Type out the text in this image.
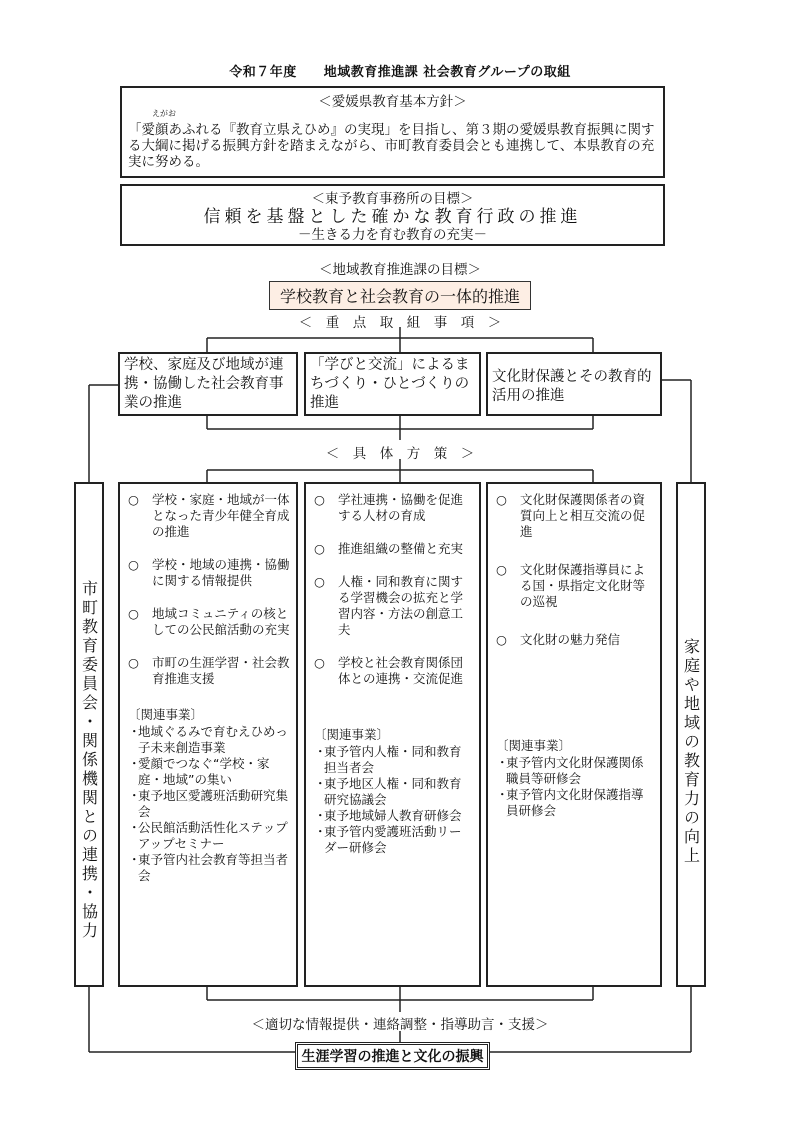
令和７年度　　地域教育推進課 社会教育グループの取組
＜愛媛県教育基本方針＞
えがお
「愛顔あふれる『教育立県えひめ』の実現」を目指し、第３期の愛媛県教育振興に関する大綱に掲げる振興方針を踏まえながら、市町教育委員会とも連携して、本県教育の充実に努める。
＜東予教育事務所の目標＞
信頼を基盤とした確かな教育行政の推進
－生きる力を育む教育の充実－
＜地域教育推進課の目標＞
学校教育と社会教育の一体的推進
＜　重　点　取　組　事　項　＞
学校、家庭及び地域が連携・協働した社会教育事業の推進
「学びと交流」によるまちづくり・ひとづくりの推進
文化財保護とその教育的活用の推進
＜　具　体　方　策　＞
市町教育委員会・関係機関との連携・協力	家庭や地域の教育力の向上
○	学校・家庭・地域が一体となった青少年健全育成の推進
○	学校・地域の連携・協働に関する情報提供
○	地域コミュニティの核としての公民館活動の充実
○	市町の生涯学習・社会教育推進支援
〔関連事業〕
・
地域ぐるみで育むえひめっ子未来創造事業
・
愛顔でつなぐ“学校・家庭・地域”の集い
・
東予地区愛護班活動研究集会
・
公民館活動活性化ステップアップセミナー
・
東予管内社会教育等担当者会
○	学社連携・協働を促進する人材の育成
○	推進組織の整備と充実
○	人権・同和教育に関する学習機会の拡充と学習内容・方法の創意工夫
○	学校と社会教育関係団体との連携・交流促進
〔関連事業〕
・
東予管内人権・同和教育担当者会
・
東予地区人権・同和教育研究協議会
・
東予地域婦人教育研修会
・
東予管内愛護班活動リーダー研修会
○	文化財保護関係者の資質向上と相互交流の促進
○	文化財保護指導員による国・県指定文化財等の巡視
○	文化財の魅力発信
〔関連事業〕
・
東予管内文化財保護関係職員等研修会
・
東予管内文化財保護指導員研修会
＜適切な情報提供・連絡調整・指導助言・支援＞
生涯学習の推進と文化の振興
